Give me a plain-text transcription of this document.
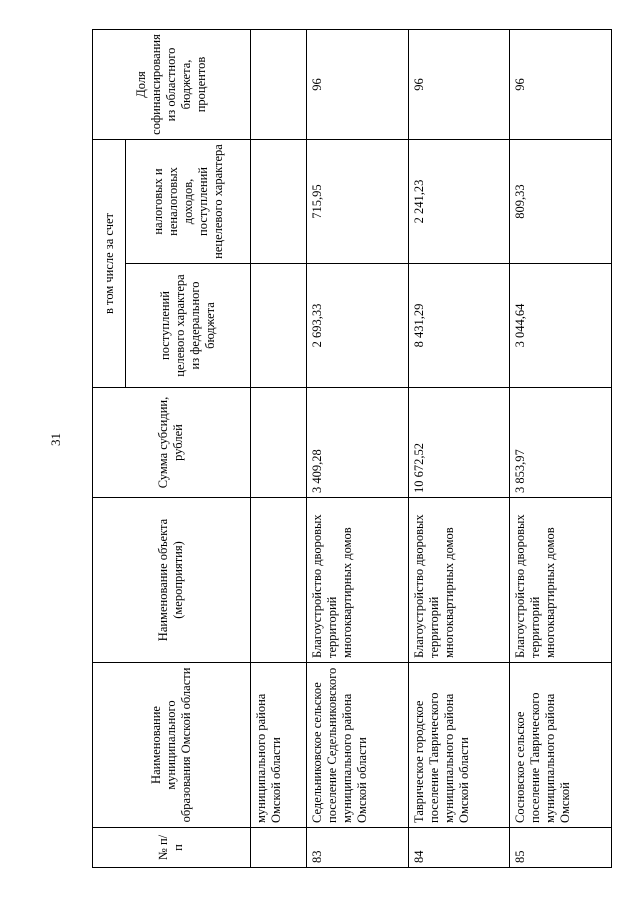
31
№ п/п	Наименование муниципального образования Омской области	Наименование объекта (мероприятия)	Сумма субсидии, рублей	в том числе за счет		Доля софинансирования из областного бюджета, процентов
				поступлений целевого характера из федерального бюджета	налоговых и неналоговых доходов, поступлений нецелевого характера	
	муниципального района Омской области					
83	Седельниковское сельское поселение Седельниковского муниципального района Омской области	Благоустройство дворовых территорий многоквартирных домов	3 409,28	2 693,33	715,95	96
84	Таврическое городское поселение Таврического муниципального района Омской области	Благоустройство дворовых территорий многоквартирных домов	10 672,52	8 431,29	2 241,23	96
85	Сосновское сельское поселение Таврического муниципального района Омской	Благоустройство дворовых территорий многоквартирных домов	3 853,97	3 044,64	809,33	96
